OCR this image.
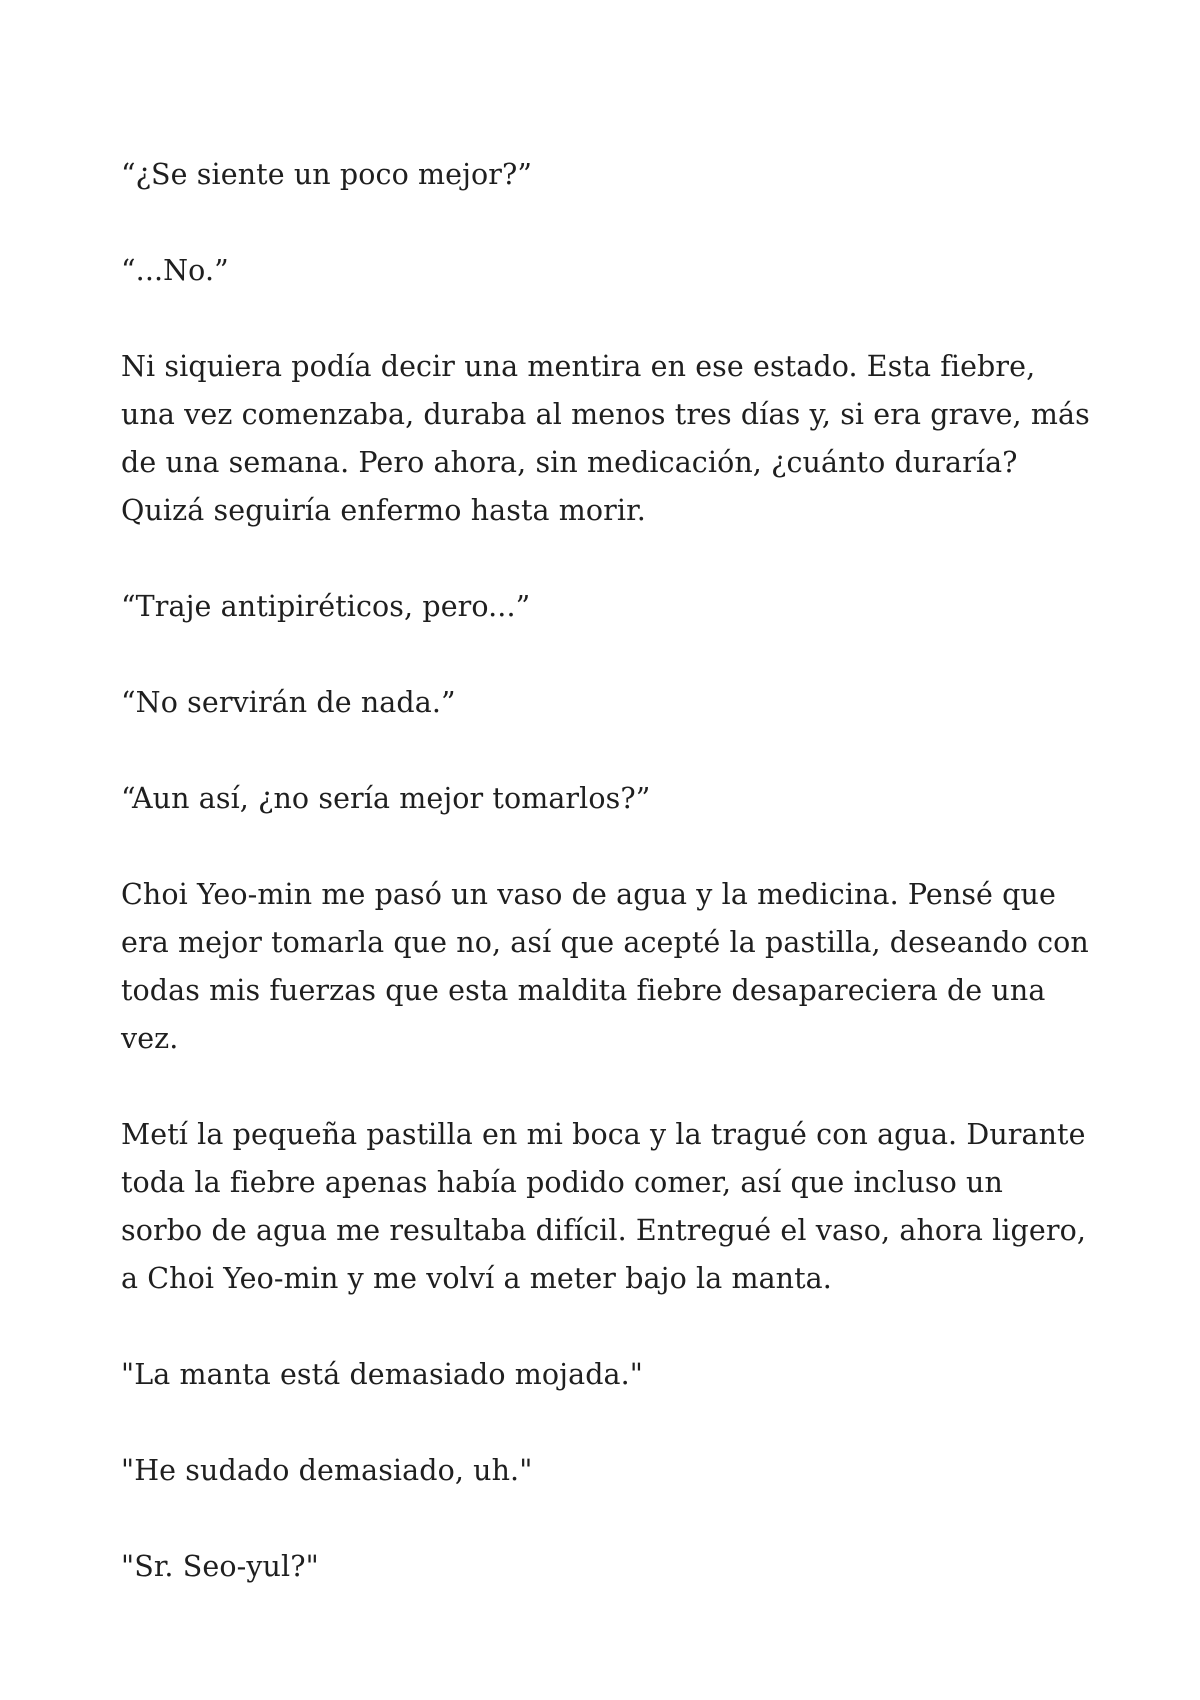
“¿Se siente un poco mejor?”

“...No.”

Ni siquiera podía decir una mentira en ese estado. Esta fiebre, una vez comenzaba, duraba al menos tres días y, si era grave, más de una semana. Pero ahora, sin medicación, ¿cuánto duraría? Quizá seguiría enfermo hasta morir.

“Traje antipiréticos, pero...”

“No servirán de nada.”

“Aun así, ¿no sería mejor tomarlos?”

Choi Yeo-min me pasó un vaso de agua y la medicina. Pensé que era mejor tomarla que no, así que acepté la pastilla, deseando con todas mis fuerzas que esta maldita fiebre desapareciera de una vez.

Metí la pequeña pastilla en mi boca y la tragué con agua. Durante toda la fiebre apenas había podido comer, así que incluso un sorbo de agua me resultaba difícil. Entregué el vaso, ahora ligero, a Choi Yeo-min y me volví a meter bajo la manta.

"La manta está demasiado mojada."

"He sudado demasiado, uh."

"Sr. Seo-yul?"
